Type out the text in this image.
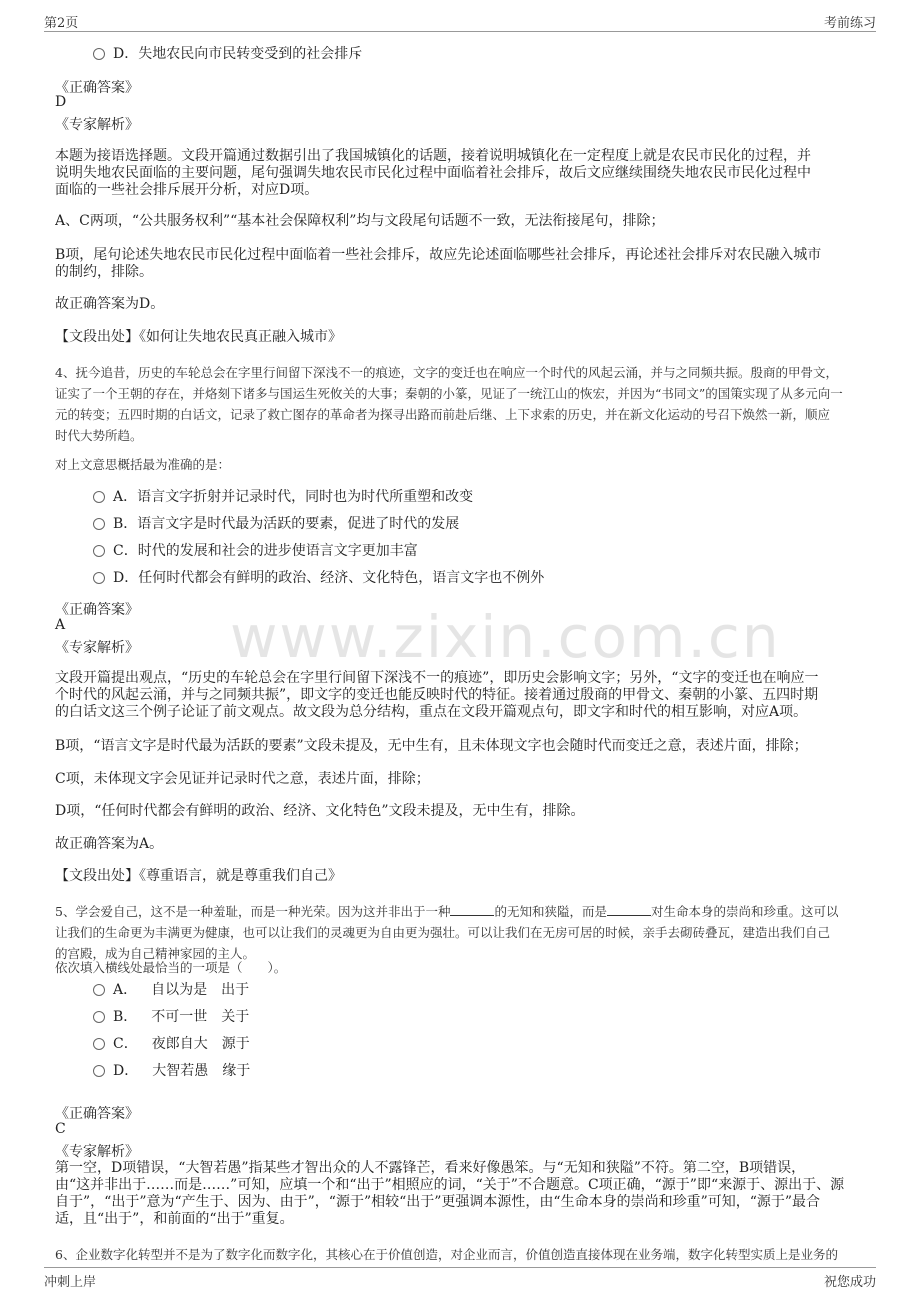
第2页	考前练习
www.zixin.com.cn
D．失地农民向市民转变受到的社会排斥
《正确答案》
D
《专家解析》
本题为接语选择题。文段开篇通过数据引出了我国城镇化的话题，接着说明城镇化在一定程度上就是农民市民化的过程，并
说明失地农民面临的主要问题，尾句强调失地农民市民化过程中面临着社会排斥，故后文应继续围绕失地农民市民化过程中
面临的一些社会排斥展开分析，对应D项。
A、C两项，“公共服务权利”“基本社会保障权利”均与文段尾句话题不一致，无法衔接尾句，排除；
B项，尾句论述失地农民市民化过程中面临着一些社会排斥，故应先论述面临哪些社会排斥，再论述社会排斥对农民融入城市
的制约，排除。
故正确答案为D。
【文段出处】《如何让失地农民真正融入城市》
4、抚今追昔，历史的车轮总会在字里行间留下深浅不一的痕迹，文字的变迁也在响应一个时代的风起云涌，并与之同频共振。殷商的甲骨文，
证实了一个王朝的存在，并烙刻下诸多与国运生死攸关的大事；秦朝的小篆，见证了一统江山的恢宏，并因为“书同文”的国策实现了从多元向一
元的转变；五四时期的白话文，记录了救亡图存的革命者为探寻出路而前赴后继、上下求索的历史，并在新文化运动的号召下焕然一新，顺应
时代大势所趋。
对上文意思概括最为准确的是：
A．语言文字折射并记录时代，同时也为时代所重塑和改变
B．语言文字是时代最为活跃的要素，促进了时代的发展
C．时代的发展和社会的进步使语言文字更加丰富
D．任何时代都会有鲜明的政治、经济、文化特色，语言文字也不例外
《正确答案》
A
《专家解析》
文段开篇提出观点，“历史的车轮总会在字里行间留下深浅不一的痕迹”，即历史会影响文字；另外，“文字的变迁也在响应一
个时代的风起云涌，并与之同频共振”，即文字的变迁也能反映时代的特征。接着通过殷商的甲骨文、秦朝的小篆、五四时期
的白话文这三个例子论证了前文观点。故文段为总分结构，重点在文段开篇观点句，即文字和时代的相互影响，对应A项。
B项，“语言文字是时代最为活跃的要素”文段未提及，无中生有，且未体现文字也会随时代而变迁之意，表述片面，排除；
C项，未体现文字会见证并记录时代之意，表述片面，排除；
D项，“任何时代都会有鲜明的政治、经济、文化特色”文段未提及，无中生有，排除。
故正确答案为A。
【文段出处】《尊重语言，就是尊重我们自己》
5、学会爱自己，这不是一种羞耻，而是一种光荣。因为这并非出于一种	的无知和狭隘，而是	对生命本身的崇尚和珍重。这可以
让我们的生命更为丰满更为健康，也可以让我们的灵魂更为自由更为强壮。可以让我们在无房可居的时候，亲手去砌砖叠瓦，建造出我们自己
的宫殿，成为自己精神家园的主人。
依次填入横线处最恰当的一项是（　　）。
A． 自以为是　出于
B． 不可一世　关于
C． 夜郎自大　源于
D． 大智若愚　缘于
《正确答案》
C
《专家解析》
第一空，D项错误，“大智若愚”指某些才智出众的人不露锋芒，看来好像愚笨。与“无知和狭隘”不符。第二空，B项错误，
由“这并非出于……而是……”可知，应填一个和“出于”相照应的词，“关于”不合题意。C项正确，“源于”即“来源于、源出于、源
自于”，“出于”意为“产生于、因为、由于”，“源于”相较“出于”更强调本源性，由“生命本身的崇尚和珍重”可知，“源于”最合
适，且“出于”，和前面的“出于”重复。
6、企业数字化转型并不是为了数字化而数字化，其核心在于价值创造，对企业而言，价值创造直接体现在业务端，数字化转型实质上是业务的
冲刺上岸	祝您成功
